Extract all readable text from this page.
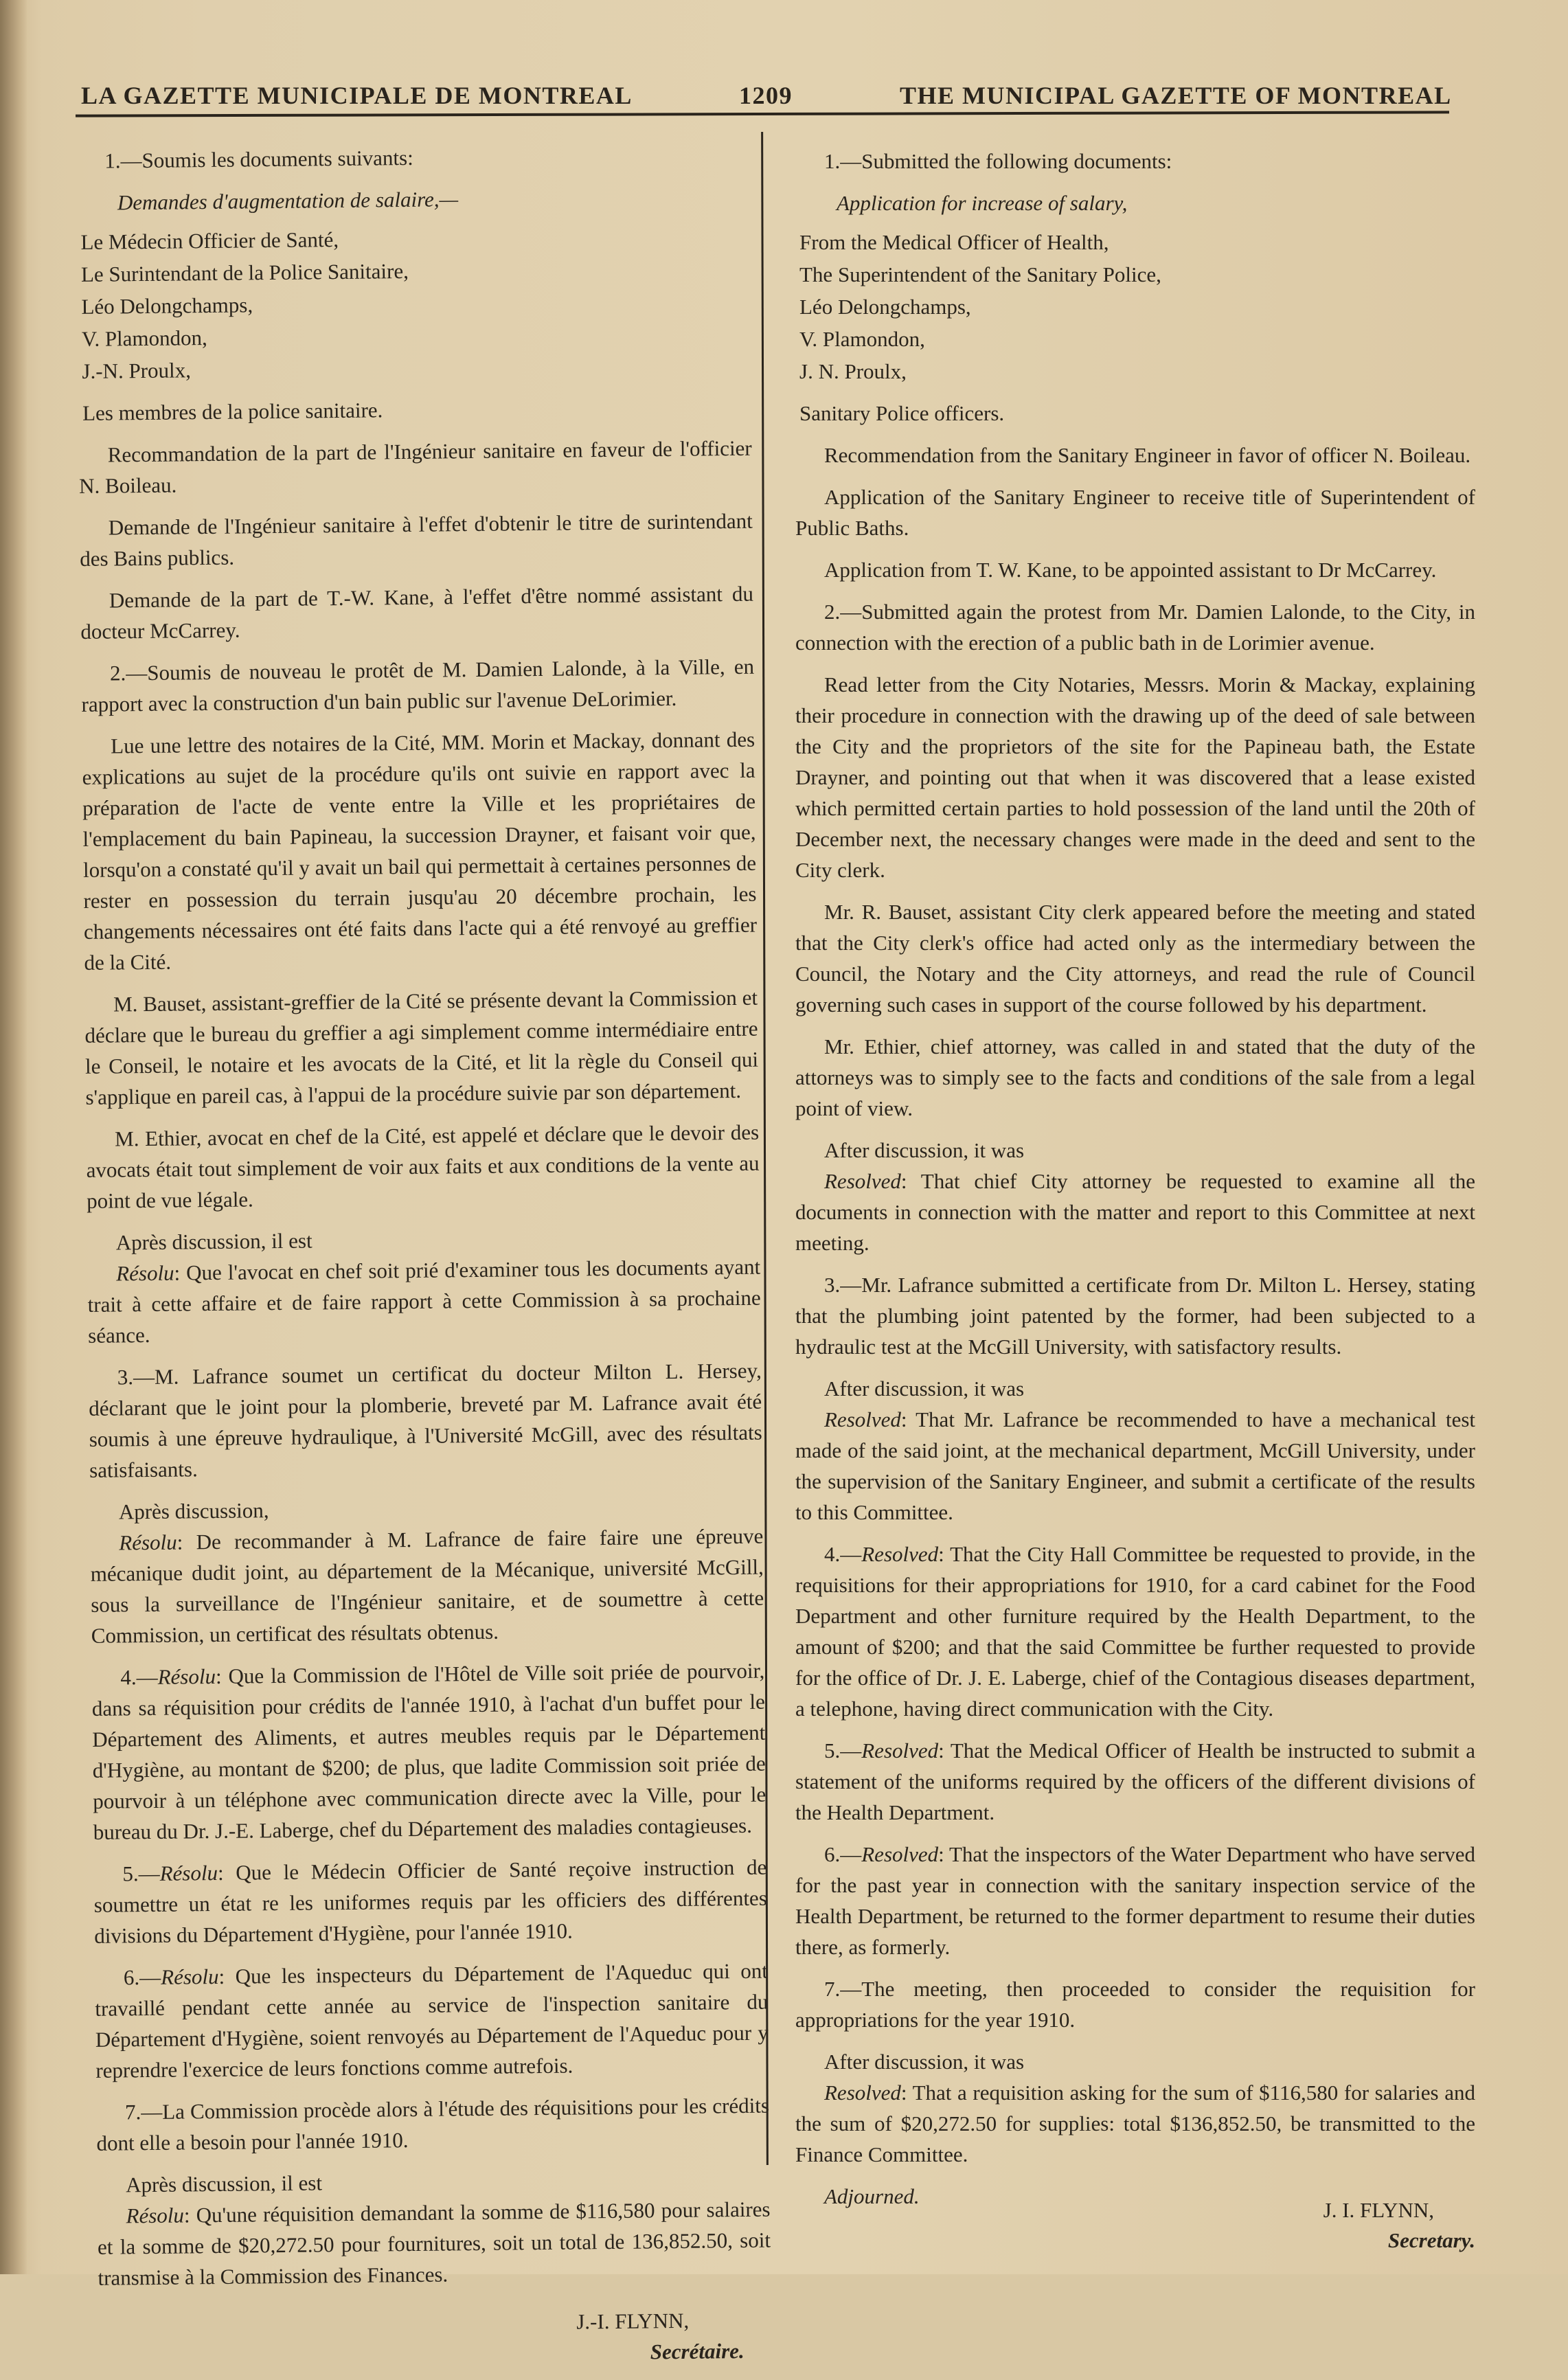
LA GAZETTE MUNICIPALE DE MONTREAL	1209	THE MUNICIPAL GAZETTE OF MONTREAL

1.—Soumis les documents suivants:

Demandes d'augmentation de salaire,—

Le Médecin Officier de Santé,

Le Surintendant de la Police Sanitaire,

Léo Delongchamps,

V. Plamondon,

J.-N. Proulx,

Les membres de la police sanitaire.

Recommandation de la part de l'Ingénieur sanitaire en faveur de l'officier N. Boileau.

Demande de l'Ingénieur sanitaire à l'effet d'obtenir le titre de surintendant des Bains publics.

Demande de la part de T.-W. Kane, à l'effet d'être nommé assistant du docteur McCarrey.

2.—Soumis de nouveau le protêt de M. Damien Lalonde, à la Ville, en rapport avec la construction d'un bain public sur l'avenue DeLorimier.

Lue une lettre des notaires de la Cité, MM. Morin et Mackay, donnant des explications au sujet de la procédure qu'ils ont suivie en rapport avec la préparation de l'acte de vente entre la Ville et les propriétaires de l'emplacement du bain Papineau, la succession Drayner, et faisant voir que, lorsqu'on a constaté qu'il y avait un bail qui permettait à certaines personnes de rester en possession du terrain jusqu'au 20 décembre prochain, les changements nécessaires ont été faits dans l'acte qui a été renvoyé au greffier de la Cité.

M. Bauset, assistant-greffier de la Cité se présente devant la Commission et déclare que le bureau du greffier a agi simplement comme intermédiaire entre le Conseil, le notaire et les avocats de la Cité, et lit la règle du Conseil qui s'applique en pareil cas, à l'appui de la procédure suivie par son département.

M. Ethier, avocat en chef de la Cité, est appelé et déclare que le devoir des avocats était tout simplement de voir aux faits et aux conditions de la vente au point de vue légale.

Après discussion, il est

Résolu: Que l'avocat en chef soit prié d'examiner tous les documents ayant trait à cette affaire et de faire rapport à cette Commission à sa prochaine séance.

3.—M. Lafrance soumet un certificat du docteur Milton L. Hersey, déclarant que le joint pour la plomberie, breveté par M. Lafrance avait été soumis à une épreuve hydraulique, à l'Université McGill, avec des résultats satisfaisants.

Après discussion,

Résolu: De recommander à M. Lafrance de faire faire une épreuve mécanique dudit joint, au département de la Mécanique, université McGill, sous la surveillance de l'Ingénieur sanitaire, et de soumettre à cette Commission, un certificat des résultats obtenus.

4.—Résolu: Que la Commission de l'Hôtel de Ville soit priée de pourvoir, dans sa réquisition pour crédits de l'année 1910, à l'achat d'un buffet pour le Département des Aliments, et autres meubles requis par le Département d'Hygiène, au montant de $200; de plus, que ladite Commission soit priée de pourvoir à un téléphone avec communication directe avec la Ville, pour le bureau du Dr. J.-E. Laberge, chef du Département des maladies contagieuses.

5.—Résolu: Que le Médecin Officier de Santé reçoive instruction de soumettre un état re les uniformes requis par les officiers des différentes divisions du Département d'Hygiène, pour l'année 1910.

6.—Résolu: Que les inspecteurs du Département de l'Aqueduc qui ont travaillé pendant cette année au service de l'inspection sanitaire du Département d'Hygiène, soient renvoyés au Département de l'Aqueduc pour y reprendre l'exercice de leurs fonctions comme autrefois.

7.—La Commission procède alors à l'étude des réquisitions pour les crédits dont elle a besoin pour l'année 1910.

Après discussion, il est

Résolu: Qu'une réquisition demandant la somme de $116,580 pour salaires et la somme de $20,272.50 pour fournitures, soit un total de 136,852.50, soit transmise à la Commission des Finances.

J.-I. FLYNN,
Secrétaire.

1.—Submitted the following documents:

Application for increase of salary,

From the Medical Officer of Health,

The Superintendent of the Sanitary Police,

Léo Delongchamps,

V. Plamondon,

J. N. Proulx,

Sanitary Police officers.

Recommendation from the Sanitary Engineer in favor of officer N. Boileau.

Application of the Sanitary Engineer to receive title of Superintendent of Public Baths.

Application from T. W. Kane, to be appointed assistant to Dr McCarrey.

2.—Submitted again the protest from Mr. Damien Lalonde, to the City, in connection with the erection of a public bath in de Lorimier avenue.

Read letter from the City Notaries, Messrs. Morin & Mackay, explaining their procedure in connection with the drawing up of the deed of sale between the City and the proprietors of the site for the Papineau bath, the Estate Drayner, and pointing out that when it was discovered that a lease existed which permitted certain parties to hold possession of the land until the 20th of December next, the necessary changes were made in the deed and sent to the City clerk.

Mr. R. Bauset, assistant City clerk appeared before the meeting and stated that the City clerk's office had acted only as the intermediary between the Council, the Notary and the City attorneys, and read the rule of Council governing such cases in support of the course followed by his department.

Mr. Ethier, chief attorney, was called in and stated that the duty of the attorneys was to simply see to the facts and conditions of the sale from a legal point of view.

After discussion, it was

Resolved: That chief City attorney be requested to examine all the documents in connection with the matter and report to this Committee at next meeting.

3.—Mr. Lafrance submitted a certificate from Dr. Milton L. Hersey, stating that the plumbing joint patented by the former, had been subjected to a hydraulic test at the McGill University, with satisfactory results.

After discussion, it was

Resolved: That Mr. Lafrance be recommended to have a mechanical test made of the said joint, at the mechanical department, McGill University, under the supervision of the Sanitary Engineer, and submit a certificate of the results to this Committee.

4.—Resolved: That the City Hall Committee be requested to provide, in the requisitions for their appropriations for 1910, for a card cabinet for the Food Department and other furniture required by the Health Department, to the amount of $200; and that the said Committee be further requested to provide for the office of Dr. J. E. Laberge, chief of the Contagious diseases department, a telephone, having direct communication with the City.

5.—Resolved: That the Medical Officer of Health be instructed to submit a statement of the uniforms required by the officers of the different divisions of the Health Department.

6.—Resolved: That the inspectors of the Water Department who have served for the past year in connection with the sanitary inspection service of the Health Department, be returned to the former department to resume their duties there, as formerly.

7.—The meeting, then proceeded to consider the requisition for appropriations for the year 1910.

After discussion, it was

Resolved: That a requisition asking for the sum of $116,580 for salaries and the sum of $20,272.50 for supplies: total $136,852.50, be transmitted to the Finance Committee.

Adjourned.
J. I. FLYNN,
Secretary.
